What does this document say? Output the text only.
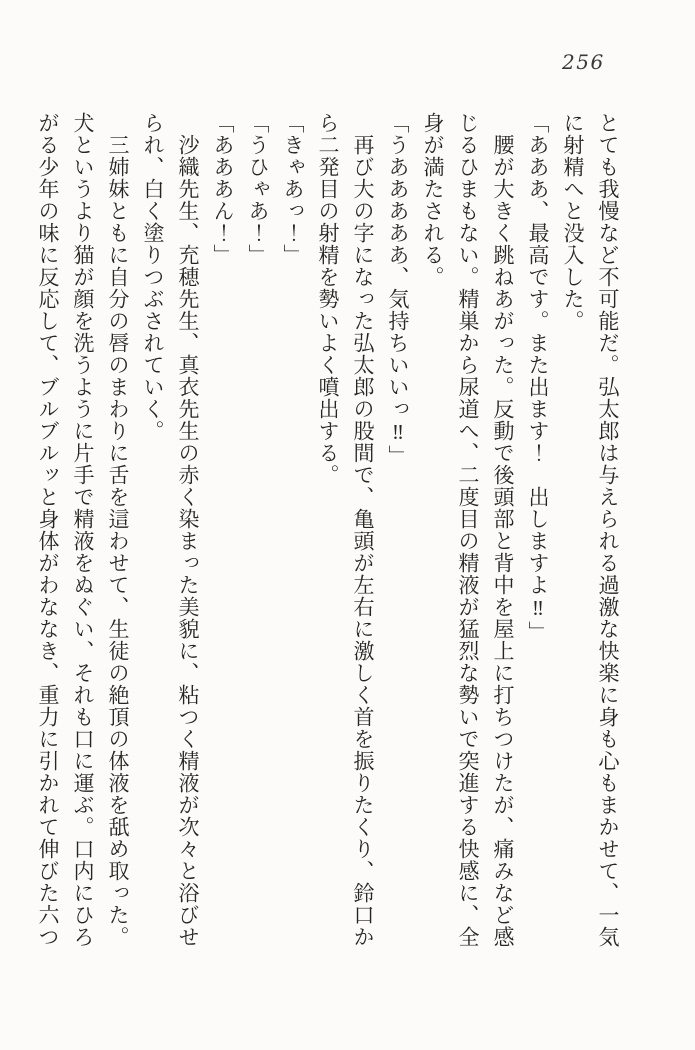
256
とても我慢など不可能だ。弘太郎は与えられる過激な快楽に身も心もまかせて、一気
に射精へと没入した。
「あああ、最高です。また出ます！　出しますよ‼」
　腰が大きく跳ねあがった。反動で後頭部と背中を屋上に打ちつけたが、痛みなど感
じるひまもない。精巣から尿道へ、二度目の精液が猛烈な勢いで突進する快感に、全
身が満たされる。
「うあああああ、気持ちいいっ‼」
　再び大の字になった弘太郎の股間で、亀頭が左右に激しく首を振りたくり、鈴口か
ら二発目の射精を勢いよく噴出する。
「きゃあっ！」
「うひゃあ！」
「あああん！」
　沙織先生、充穂先生、真衣先生の赤く染まった美貌に、粘つく精液が次々と浴びせ
られ、白く塗りつぶされていく。
　三姉妹ともに自分の唇のまわりに舌を這わせて、生徒の絶頂の体液を舐め取った。
犬というより猫が顔を洗うように片手で精液をぬぐい、それも口に運ぶ。口内にひろ
がる少年の味に反応して、ブルブルッと身体がわななき、重力に引かれて伸びた六つ
